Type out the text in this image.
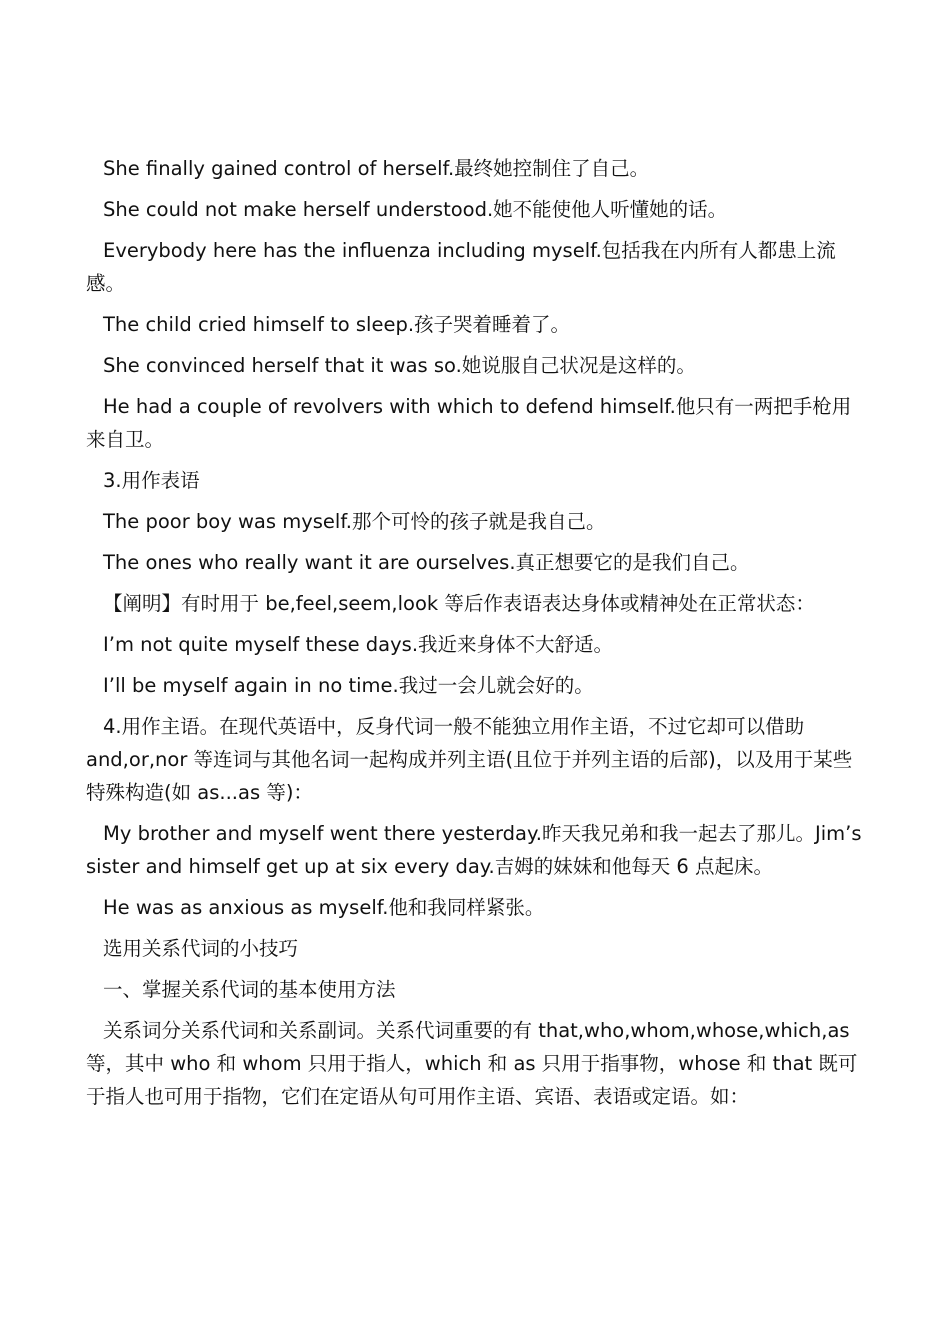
She finally gained control of herself.最终她控制住了自己。

She could not make herself understood.她不能使他人听懂她的话。

Everybody here has the influenza including myself.包括我在内所有人都患上流感。

The child cried himself to sleep.孩子哭着睡着了。

She convinced herself that it was so.她说服自己状况是这样的。

He had a couple of revolvers with which to defend himself.他只有一两把手枪用来自卫。

3.用作表语

The poor boy was myself.那个可怜的孩子就是我自己。

The ones who really want it are ourselves.真正想要它的是我们自己。

【阐明】有时用于 be,feel,seem,look 等后作表语表达身体或精神处在正常状态：

I’m not quite myself these days.我近来身体不大舒适。

I’ll be myself again in no time.我过一会儿就会好的。

4.用作主语。在现代英语中，反身代词一般不能独立用作主语，不过它却可以借助 and,or,nor 等连词与其他名词一起构成并列主语(且位于并列主语的后部)，以及用于某些特殊构造(如 as...as 等)：

My brother and myself went there yesterday.昨天我兄弟和我一起去了那儿。Jim’s sister and himself get up at six every day.吉姆的妹妹和他每天 6 点起床。

He was as anxious as myself.他和我同样紧张。

选用关系代词的小技巧

一、掌握关系代词的基本使用方法

关系词分关系代词和关系副词。关系代词重要的有 that,who,whom,whose,which,as 等，其中 who 和 whom 只用于指人，which 和 as 只用于指事物，whose 和 that 既可于指人也可用于指物，它们在定语从句可用作主语、宾语、表语或定语。如：
